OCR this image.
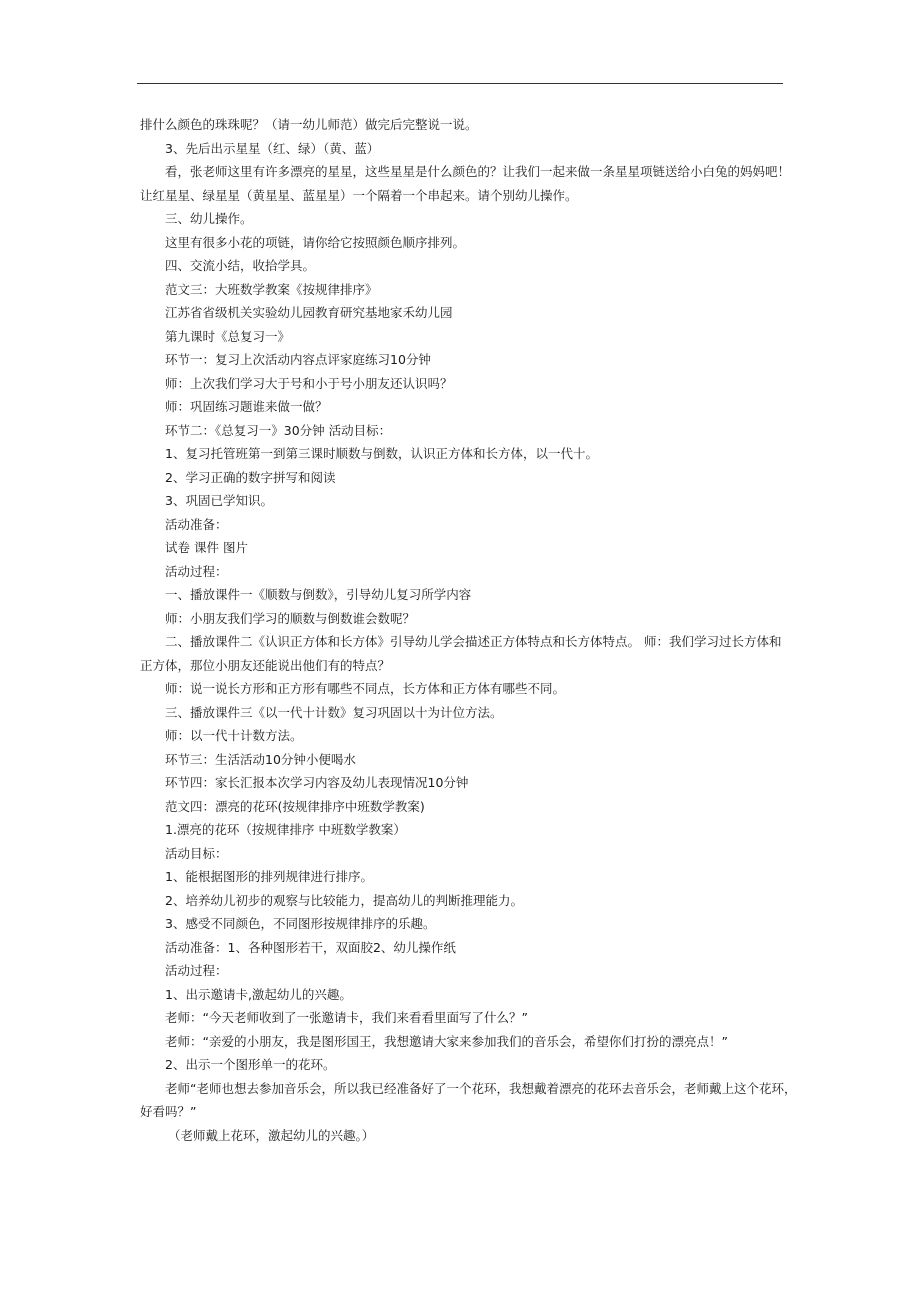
排什么颜色的珠珠呢？（请一幼儿师范）做完后完整说一说。

3、先后出示星星（红、绿）（黄、蓝）

看，张老师这里有许多漂亮的星星，这些星星是什么颜色的？让我们一起来做一条星星项链送给小白兔的妈妈吧！

让红星星、绿星星（黄星星、蓝星星）一个隔着一个串起来。请个别幼儿操作。

三、幼儿操作。

这里有很多小花的项链，请你给它按照颜色顺序排列。

四、交流小结，收拾学具。

范文三：大班数学教案《按规律排序》

江苏省省级机关实验幼儿园教育研究基地家禾幼儿园

第九课时《总复习一》

环节一：复习上次活动内容点评家庭练习10分钟

师：上次我们学习大于号和小于号小朋友还认识吗？

师：巩固练习题谁来做一做？

环节二：《总复习一》30分钟 活动目标：

1、复习托管班第一到第三课时顺数与倒数，认识正方体和长方体，以一代十。

2、学习正确的数字拼写和阅读

3、巩固已学知识。

活动准备：

试卷 课件 图片

活动过程：

一、播放课件一《顺数与倒数》，引导幼儿复习所学内容

师：小朋友我们学习的顺数与倒数谁会数呢？

二、播放课件二《认识正方体和长方体》引导幼儿学会描述正方体特点和长方体特点。 师：我们学习过长方体和

正方体，那位小朋友还能说出他们有的特点？

师：说一说长方形和正方形有哪些不同点，长方体和正方体有哪些不同。

三、播放课件三《以一代十计数》复习巩固以十为计位方法。

师：以一代十计数方法。

环节三：生活活动10分钟小便喝水

环节四：家长汇报本次学习内容及幼儿表现情况10分钟

范文四：漂亮的花环(按规律排序中班数学教案)

1.漂亮的花环（按规律排序 中班数学教案）

活动目标：

1、能根据图形的排列规律进行排序。

2、培养幼儿初步的观察与比较能力，提高幼儿的判断推理能力。

3、感受不同颜色，不同图形按规律排序的乐趣。

活动准备：1、各种图形若干，双面胶2、幼儿操作纸

活动过程：

1、出示邀请卡,激起幼儿的兴趣。

老师：“今天老师收到了一张邀请卡，我们来看看里面写了什么？”

老师：“亲爱的小朋友，我是图形国王，我想邀请大家来参加我们的音乐会，希望你们打扮的漂亮点！”

2、出示一个图形单一的花环。

老师“老师也想去参加音乐会，所以我已经准备好了一个花环，我想戴着漂亮的花环去音乐会，老师戴上这个花环，

好看吗？”

（老师戴上花环，激起幼儿的兴趣。）
